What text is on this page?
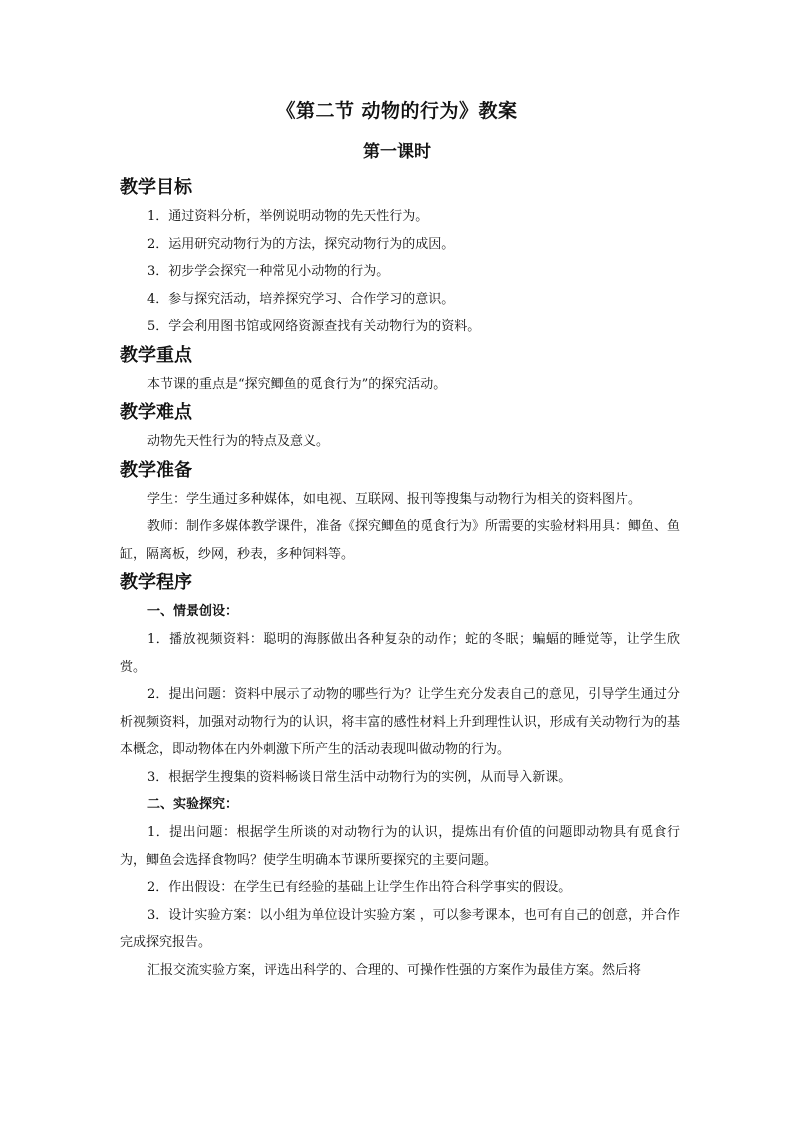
《第二节 动物的行为》教案
第一课时
教学目标

1．通过资料分析，举例说明动物的先天性行为。

2．运用研究动物行为的方法，探究动物行为的成因。

3．初步学会探究一种常见小动物的行为。

4．参与探究活动，培养探究学习、合作学习的意识。

5．学会利用图书馆或网络资源查找有关动物行为的资料。

教学重点

本节课的重点是“探究鲫鱼的觅食行为”的探究活动。

教学难点

动物先天性行为的特点及意义。

教学准备

学生：学生通过多种媒体，如电视、互联网、报刊等搜集与动物行为相关的资料图片。

教师：制作多媒体教学课件，准备《探究鲫鱼的觅食行为》所需要的实验材料用具：鲫鱼、鱼缸，隔离板，纱网，秒表，多种饲料等。

教学程序
一、情景创设：

1．播放视频资料：聪明的海豚做出各种复杂的动作；蛇的冬眠；蝙蝠的睡觉等，让学生欣赏。

2．提出问题：资料中展示了动物的哪些行为？让学生充分发表自己的意见，引导学生通过分析视频资料，加强对动物行为的认识，将丰富的感性材料上升到理性认识，形成有关动物行为的基本概念，即动物体在内外刺激下所产生的活动表现叫做动物的行为。

3．根据学生搜集的资料畅谈日常生活中动物行为的实例，从而导入新课。

二、实验探究：

1．提出问题：根据学生所谈的对动物行为的认识，提炼出有价值的问题即动物具有觅食行为，鲫鱼会选择食物吗？使学生明确本节课所要探究的主要问题。

2．作出假设：在学生已有经验的基础上让学生作出符合科学事实的假设。

3．设计实验方案：以小组为单位设计实验方案 ，可以参考课本，也可有自己的创意，并合作完成探究报告。

汇报交流实验方案，评选出科学的、合理的、可操作性强的方案作为最佳方案。然后将
